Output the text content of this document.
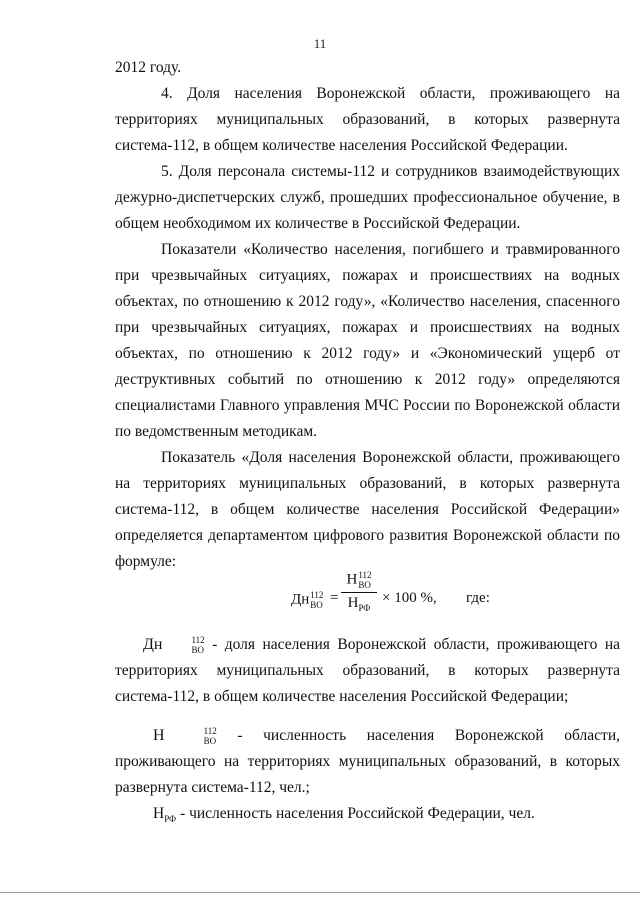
11

2012 году.

4. Доля населения Воронежской области, проживающего на территориях муниципальных образований, в которых развернута система-112, в общем количестве населения Российской Федерации.

5. Доля персонала системы-112 и сотрудников взаимодействующих дежурно-диспетчерских служб, прошедших профессиональное обучение, в общем необходимом их количестве в Российской Федерации.

Показатели «Количество населения, погибшего и травмированного при чрезвычайных ситуациях, пожарах и происшествиях на водных объектах, по отношению к 2012 году», «Количество населения, спасенного при чрезвычайных ситуациях, пожарах и происшествиях на водных объектах, по отношению к 2012 году» и «Экономический ущерб от деструктивных событий по отношению к 2012 году» определяются специалистами Главного управления МЧС России по Воронежской области по ведомственным методикам.

Показатель «Доля населения Воронежской области, проживающего на территориях муниципальных образований, в которых развернута система-112, в общем количестве населения Российской Федерации» определяется департаментом цифрового развития Воронежской области по формуле:

Дн 112
ВО =
Н 112
ВО
$Н_{РФ}$
× 100 %, где:
Дн	112
ВО - доля населения Воронежской области, проживающего на территориях муниципальных образований, в которых развернута система-112, в общем количестве населения Российской Федерации;
Н	112
ВО - численность населения Воронежской области, проживающего на территориях муниципальных образований, в которых развернута система-112, чел.;
$Н_{РФ}$ - численность населения Российской Федерации, чел.
